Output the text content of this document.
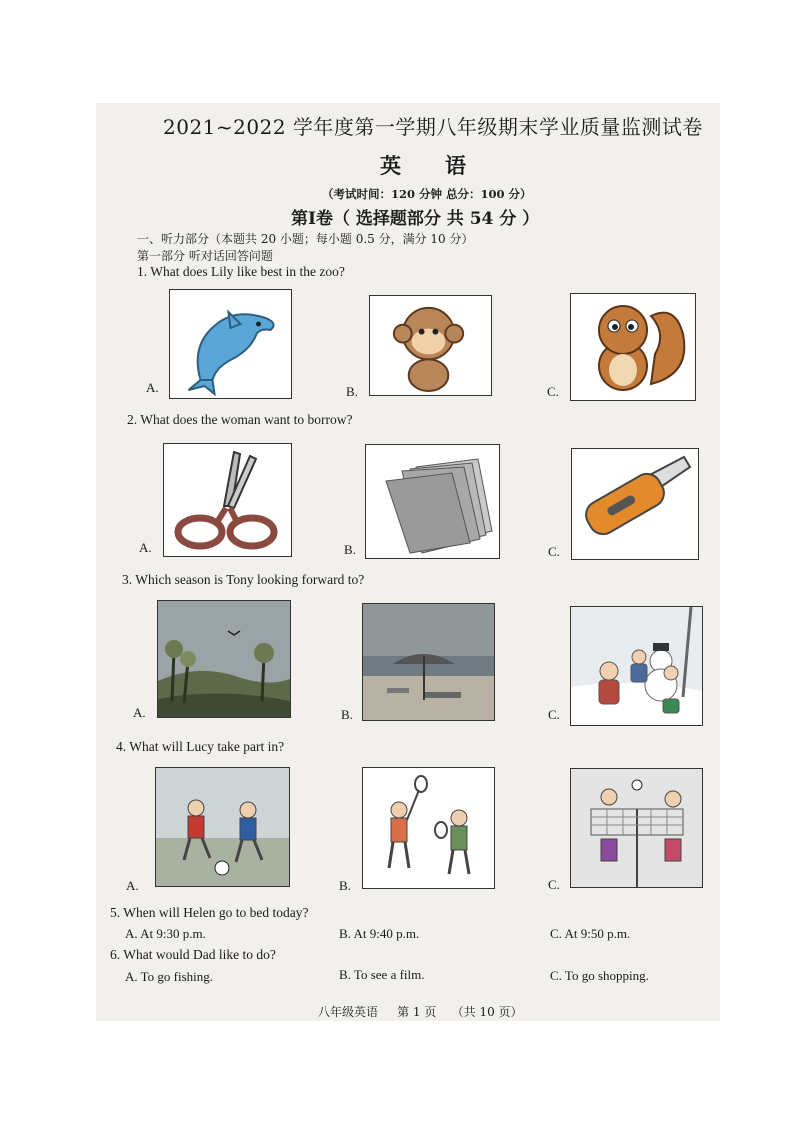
2021~2022 学年度第一学期八年级期末学业质量监测试卷
英语
（考试时间：120 分钟 总分：100 分）
第Ⅰ卷（ 选择题部分 共 54 分 ）
一、听力部分（本题共 20 小题；每小题 0.5 分，满分 10 分）
第一部分 听对话回答问题
1. What does Lily like best in the zoo?
A.	B.	C.
2. What does the woman want to borrow?
A.	B.	C.
3. Which season is Tony looking forward to?
A.	B.	C.
4. What will Lucy take part in?
A.	B.	C.
5. When will Helen go to bed today?
A. At 9:30 p.m.	B. At 9:40 p.m.	C. At 9:50 p.m.
6. What would Dad like to do?
A. To go fishing.	B. To see a film.	C. To go shopping.
八年级英语 第 1 页 （共 10 页）
